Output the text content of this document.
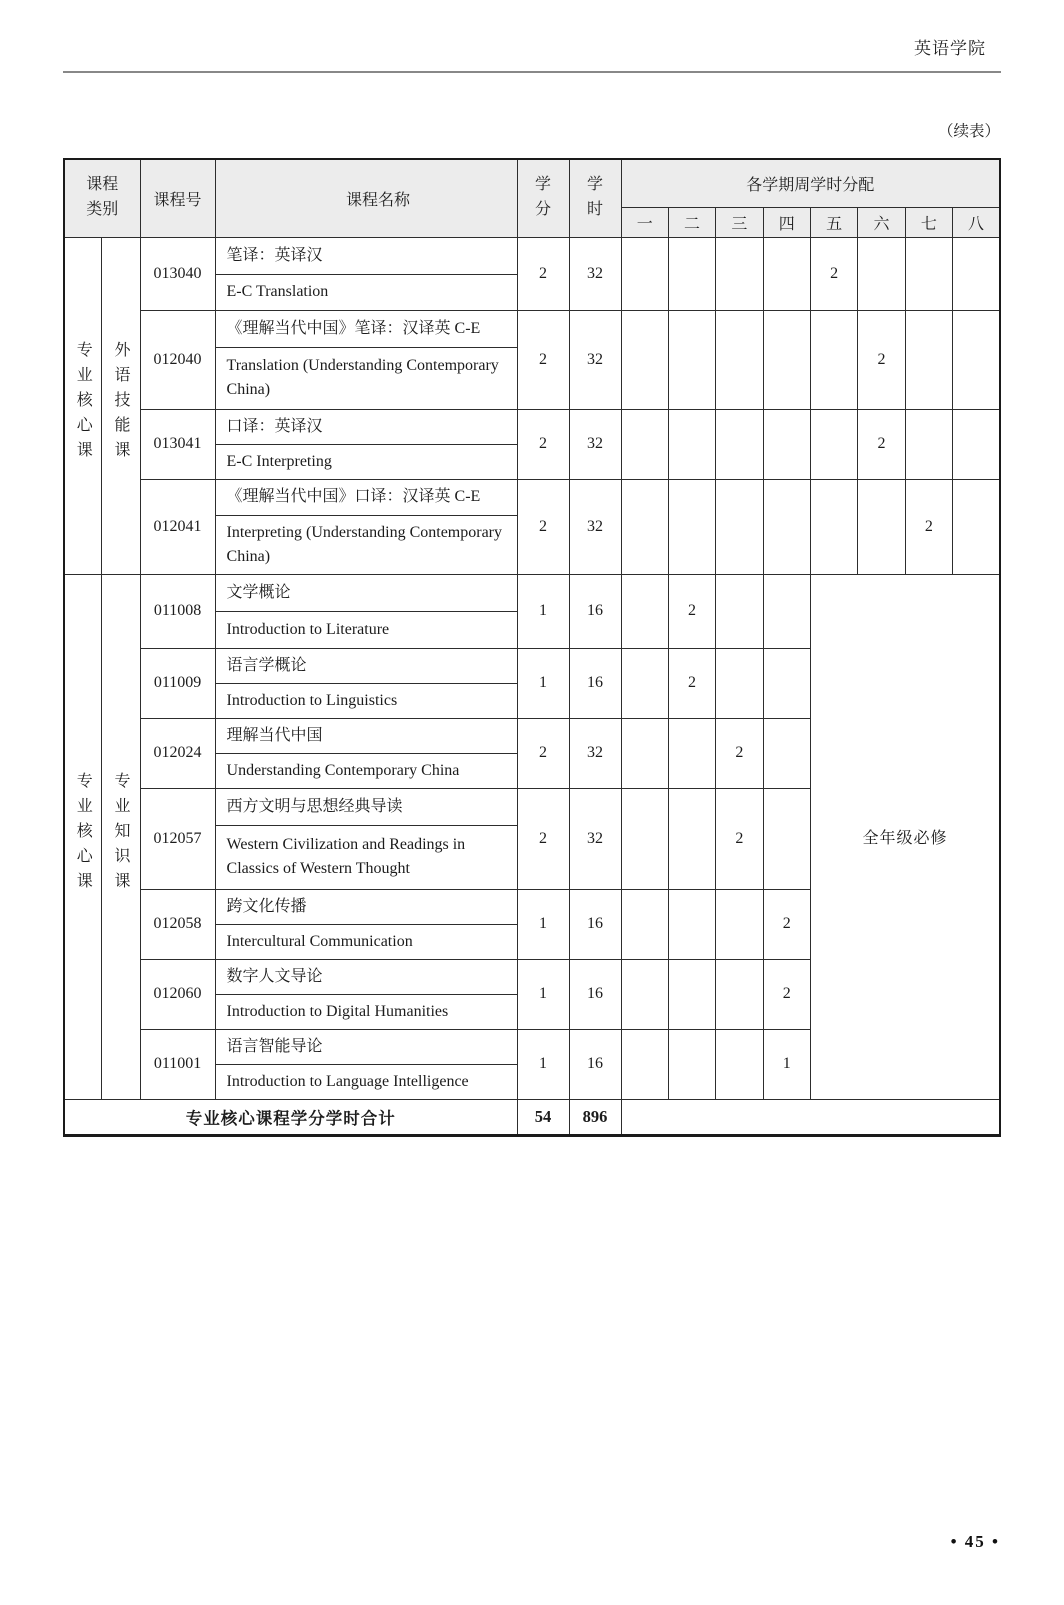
英语学院
（续表）
课程类别		课程号	课程名称	学分	学时	各学期周学时分配							
						一	二	三	四	五	六	七	八
专业核心课	外语技能课	013040	笔译：英译汉	2	32					2			
			E-C Translation										
		012040	《理解当代中国》笔译：汉译英 C-E	2	32						2		
			Translation (Understanding Contemporary China)										
		013041	口译：英译汉	2	32						2		
			E-C Interpreting										
		012041	《理解当代中国》口译：汉译英 C-E	2	32							2	
			Interpreting (Understanding Contemporary China)										
专业核心课	专业知识课	011008	文学概论	1	16		2			全年级必修			
			Introduction to Literature										
		011009	语言学概论	1	16		2						
			Introduction to Linguistics										
		012024	理解当代中国	2	32			2					
			Understanding Contemporary China										
		012057	西方文明与思想经典导读	2	32			2					
			Western Civilization and Readings in Classics of Western Thought										
		012058	跨文化传播	1	16				2				
			Intercultural Communication										
		012060	数字人文导论	1	16				2				
			Introduction to Digital Humanities										
		011001	语言智能导论	1	16				1				
			Introduction to Language Intelligence										
专业核心课程学分学时合计				54	896								
• 45 •
